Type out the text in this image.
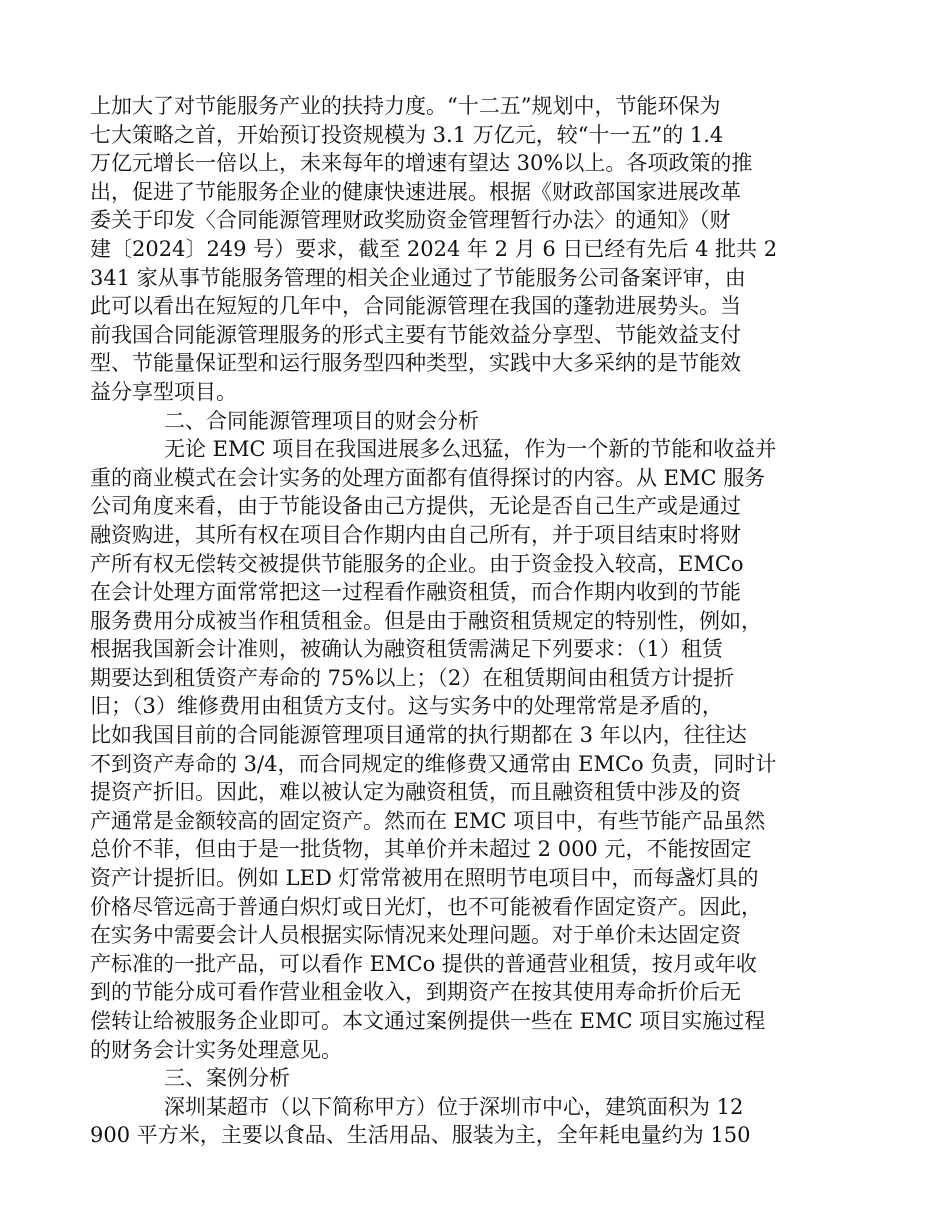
上加大了对节能服务产业的扶持力度。“十二五”规划中，节能环保为
七大策略之首，开始预订投资规模为 3.1 万亿元，较“十一五”的 1.4
万亿元增长一倍以上，未来每年的增速有望达 30%以上。各项政策的推
出，促进了节能服务企业的健康快速进展。根据《财政部国家进展改革
委关于印发〈合同能源管理财政奖励资金管理暂行办法〉的通知》（财
建〔2024〕249 号）要求，截至 2024 年 2 月 6 日已经有先后 4 批共 2
341 家从事节能服务管理的相关企业通过了节能服务公司备案评审，由
此可以看出在短短的几年中，合同能源管理在我国的蓬勃进展势头。当
前我国合同能源管理服务的形式主要有节能效益分享型、节能效益支付
型、节能量保证型和运行服务型四种类型，实践中大多采纳的是节能效
益分享型项目。
二、合同能源管理项目的财会分析
无论 EMC 项目在我国进展多么迅猛，作为一个新的节能和收益并
重的商业模式在会计实务的处理方面都有值得探讨的内容。从 EMC 服务
公司角度来看，由于节能设备由己方提供，无论是否自己生产或是通过
融资购进，其所有权在项目合作期内由自己所有，并于项目结束时将财
产所有权无偿转交被提供节能服务的企业。由于资金投入较高，EMCo
在会计处理方面常常把这一过程看作融资租赁，而合作期内收到的节能
服务费用分成被当作租赁租金。但是由于融资租赁规定的特别性，例如，
根据我国新会计准则，被确认为融资租赁需满足下列要求：（1）租赁
期要达到租赁资产寿命的 75%以上；（2）在租赁期间由租赁方计提折
旧；（3）维修费用由租赁方支付。这与实务中的处理常常是矛盾的，
比如我国目前的合同能源管理项目通常的执行期都在 3 年以内，往往达
不到资产寿命的 3/4，而合同规定的维修费又通常由 EMCo 负责，同时计
提资产折旧。因此，难以被认定为融资租赁，而且融资租赁中涉及的资
产通常是金额较高的固定资产。然而在 EMC 项目中，有些节能产品虽然
总价不菲，但由于是一批货物，其单价并未超过 2 000 元，不能按固定
资产计提折旧。例如 LED 灯常常被用在照明节电项目中，而每盏灯具的
价格尽管远高于普通白炽灯或日光灯，也不可能被看作固定资产。因此，
在实务中需要会计人员根据实际情况来处理问题。对于单价未达固定资
产标准的一批产品，可以看作 EMCo 提供的普通营业租赁，按月或年收
到的节能分成可看作营业租金收入，到期资产在按其使用寿命折价后无
偿转让给被服务企业即可。本文通过案例提供一些在 EMC 项目实施过程
的财务会计实务处理意见。
三、案例分析
深圳某超市（以下简称甲方）位于深圳市中心，建筑面积为 12
900 平方米，主要以食品、生活用品、服装为主，全年耗电量约为 150
